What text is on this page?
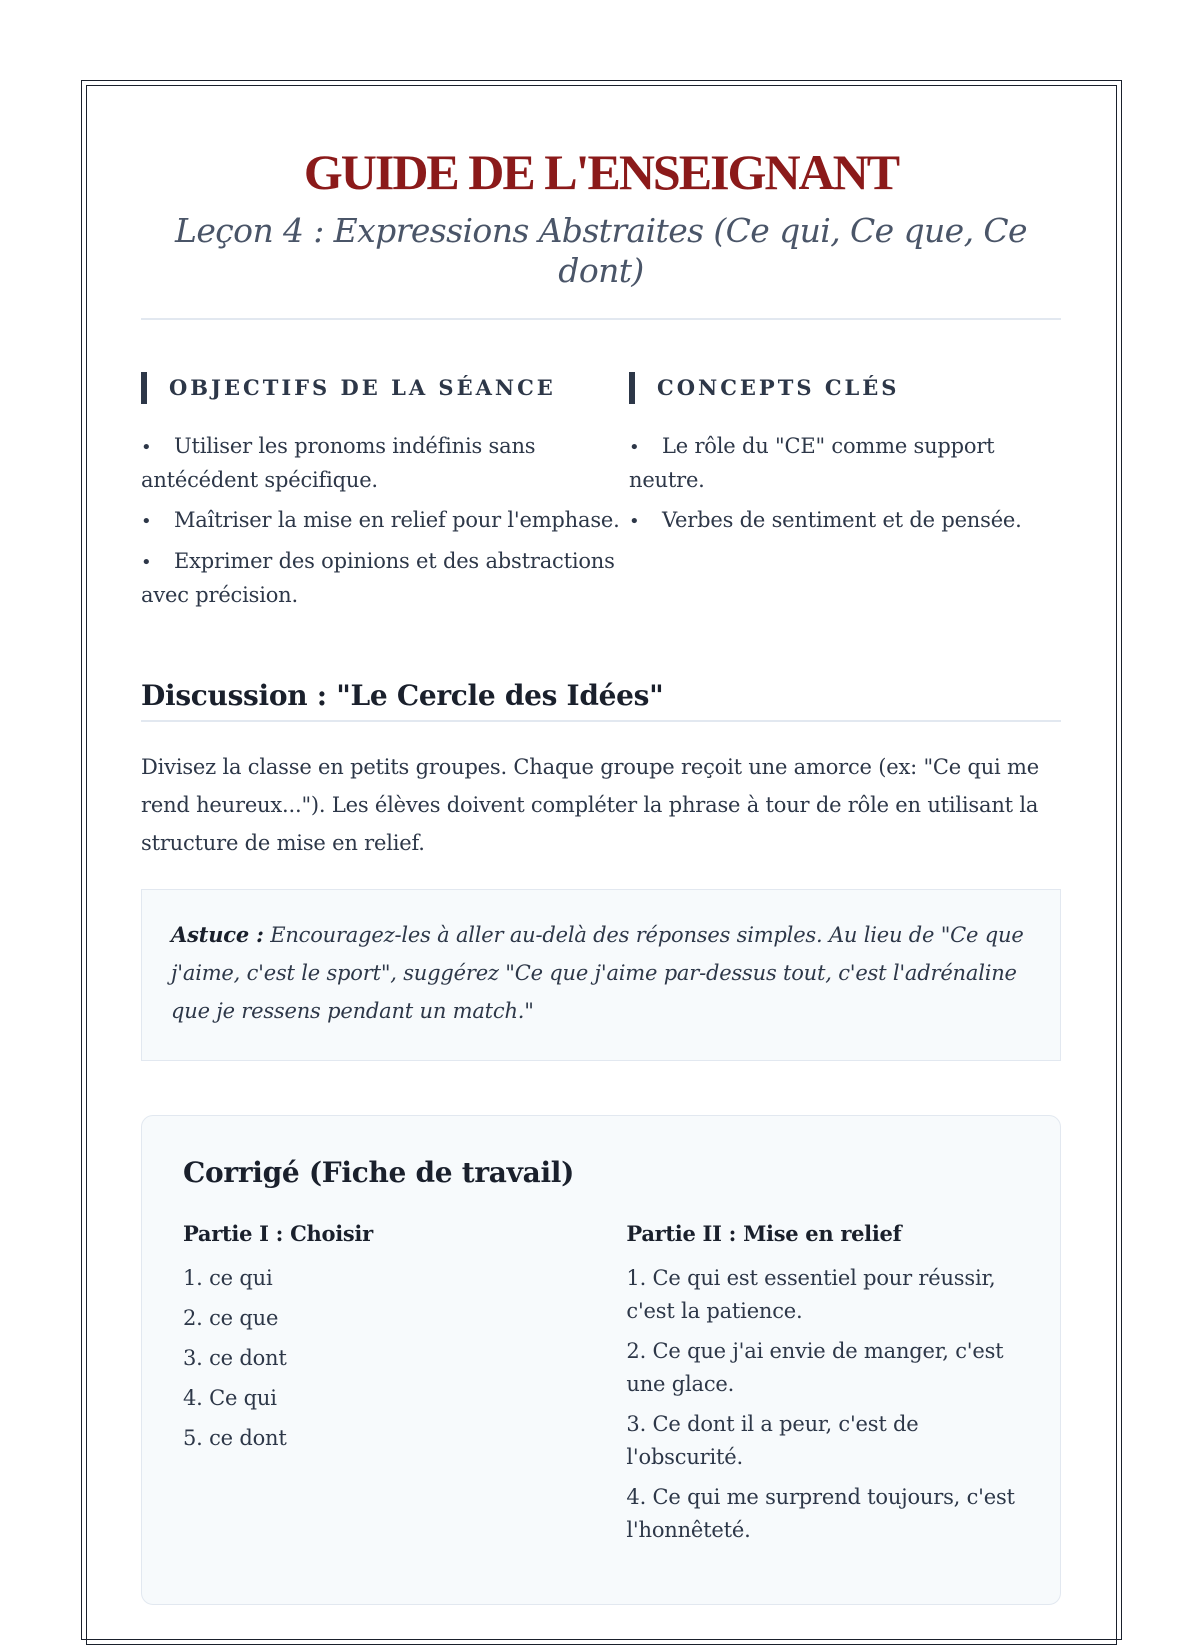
GUIDE DE L'ENSEIGNANT
Leçon 4 : Expressions Abstraites (Ce qui, Ce que, Ce dont)
OBJECTIFS DE LA SÉANCE
• Utiliser les pronoms indéfinis sans antécédent spécifique.
• Maîtriser la mise en relief pour l'emphase.
• Exprimer des opinions et des abstractions avec précision.
CONCEPTS CLÉS
• Le rôle du "CE" comme support neutre.
• Verbes de sentiment et de pensée.
Discussion : "Le Cercle des Idées"

Divisez la classe en petits groupes. Chaque groupe reçoit une amorce (ex: "Ce qui me rend heureux..."). Les élèves doivent compléter la phrase à tour de rôle en utilisant la structure de mise en relief.

Astuce : Encouragez-les à aller au-delà des réponses simples. Au lieu de "Ce que j'aime, c'est le sport", suggérez "Ce que j'aime par-dessus tout, c'est l'adrénaline que je ressens pendant un match."
Corrigé (Fiche de travail)
Partie I : Choisir
1. ce qui
2. ce que
3. ce dont
4. Ce qui
5. ce dont
Partie II : Mise en relief
1. Ce qui est essentiel pour réussir, c'est la patience.
2. Ce que j'ai envie de manger, c'est une glace.
3. Ce dont il a peur, c'est de l'obscurité.
4. Ce qui me surprend toujours, c'est l'honnêteté.
